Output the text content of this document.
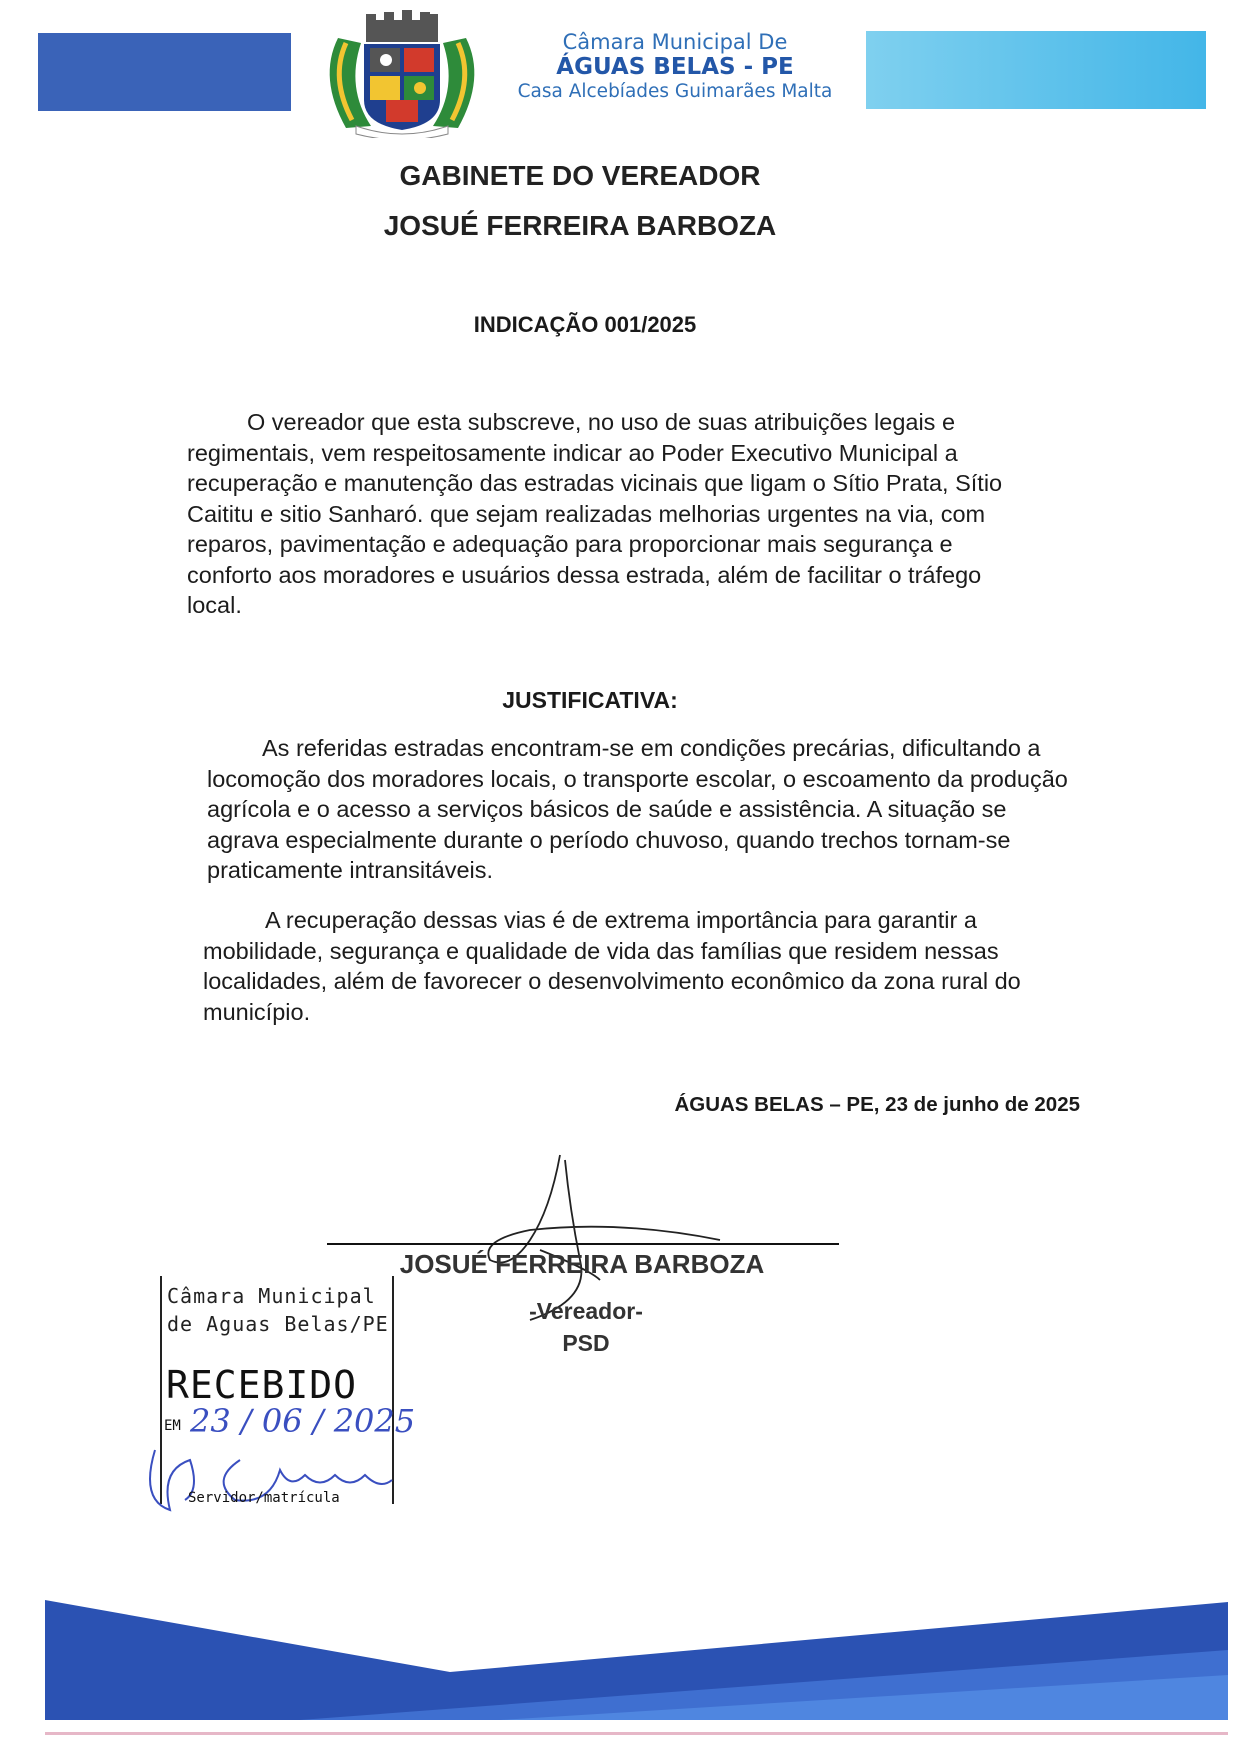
Câmara Municipal De
ÁGUAS BELAS - PE
Casa Alcebíades Guimarães Malta
GABINETE DO VEREADOR
JOSUÉ FERREIRA BARBOZA
INDICAÇÃO 001/2025
O vereador que esta subscreve, no uso de suas atribuições legais e regimentais, vem respeitosamente indicar ao Poder Executivo Municipal a recuperação e manutenção das estradas vicinais que ligam o Sítio Prata, Sítio Caititu e sitio Sanharó. que sejam realizadas melhorias urgentes na via, com reparos, pavimentação e adequação para proporcionar mais segurança e conforto aos moradores e usuários dessa estrada, além de facilitar o tráfego local.
JUSTIFICATIVA:
As referidas estradas encontram-se em condições precárias, dificultando a locomoção dos moradores locais, o transporte escolar, o escoamento da produção agrícola e o acesso a serviços básicos de saúde e assistência. A situação se agrava especialmente durante o período chuvoso, quando trechos tornam-se praticamente intransitáveis.
A recuperação dessas vias é de extrema importância para garantir a mobilidade, segurança e qualidade de vida das famílias que residem nessas localidades, além de favorecer o desenvolvimento econômico da zona rural do município.
ÁGUAS BELAS – PE, 23 de junho de 2025
JOSUÉ FERREIRA BARBOZA
-Vereador-
PSD
Câmara Municipal
de Aguas Belas/PE
RECEBIDO
EM 23 / 06 / 2025
Servidor/matrícula
